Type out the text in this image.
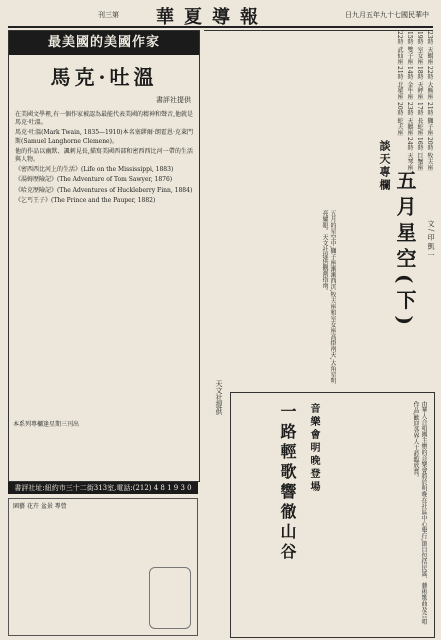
刊三第 華夏導報	日九月五年九十七國民華中
最美國的美國作家
馬克·吐溫
書評社提供

在美國文學裡,有一個作家被認為最能代表美國的精神和聲音,他就是馬克·吐溫。

馬克·吐溫(Mark Twain, 1835—1910)本名塞繆爾·朗霍恩·克萊門斯(Samuel Langhorne Clemene)。

他的作品以幽默、諷刺見長,描寫美國西部和密西西比河一帶的生活與人物。

《密西西比河上的生活》(Life on the Mississippi, 1883)

《湯姆歷險記》(The Adventure of Tom Sawyer, 1876)

《哈克歷險記》(The Adventures of Huckleberry Finn, 1884)

《乞丐王子》(The Prince and the Pauper, 1882)

本系列專欄逢星期三刊出
書評社址:紐約市三十二街313室,電話:(212) 4 8 1 9 3 0
園藝 花卉 盆景 專營
23時 天蝎座 22時 大熊座 21時 獅子座 20時 牧夫座 19時 室女座 18時 天秤座 17時 長蛇座 16時 巨蟹座 15時 雙子座 14時 金牛座 23時 天鵝座 24時 天琴座 22時 武仙座 21時 北冕座 20時 蛇夫座
談天專欄
五月星空(下)
文/印凱一
五月的星空中,獅子座漸漸西沉,牧夫座和室女座高掛南天,大角星明亮耀眼。天文社提供觀測指南。
天文社提供
一路輕歌響徹山谷	音樂會明晚登場	由華人合唱團主辦的音樂會將於明晚在社區中心舉行,節目包括民謠、藝術歌曲及合唱作品,歡迎各界人士蒞臨欣賞。
